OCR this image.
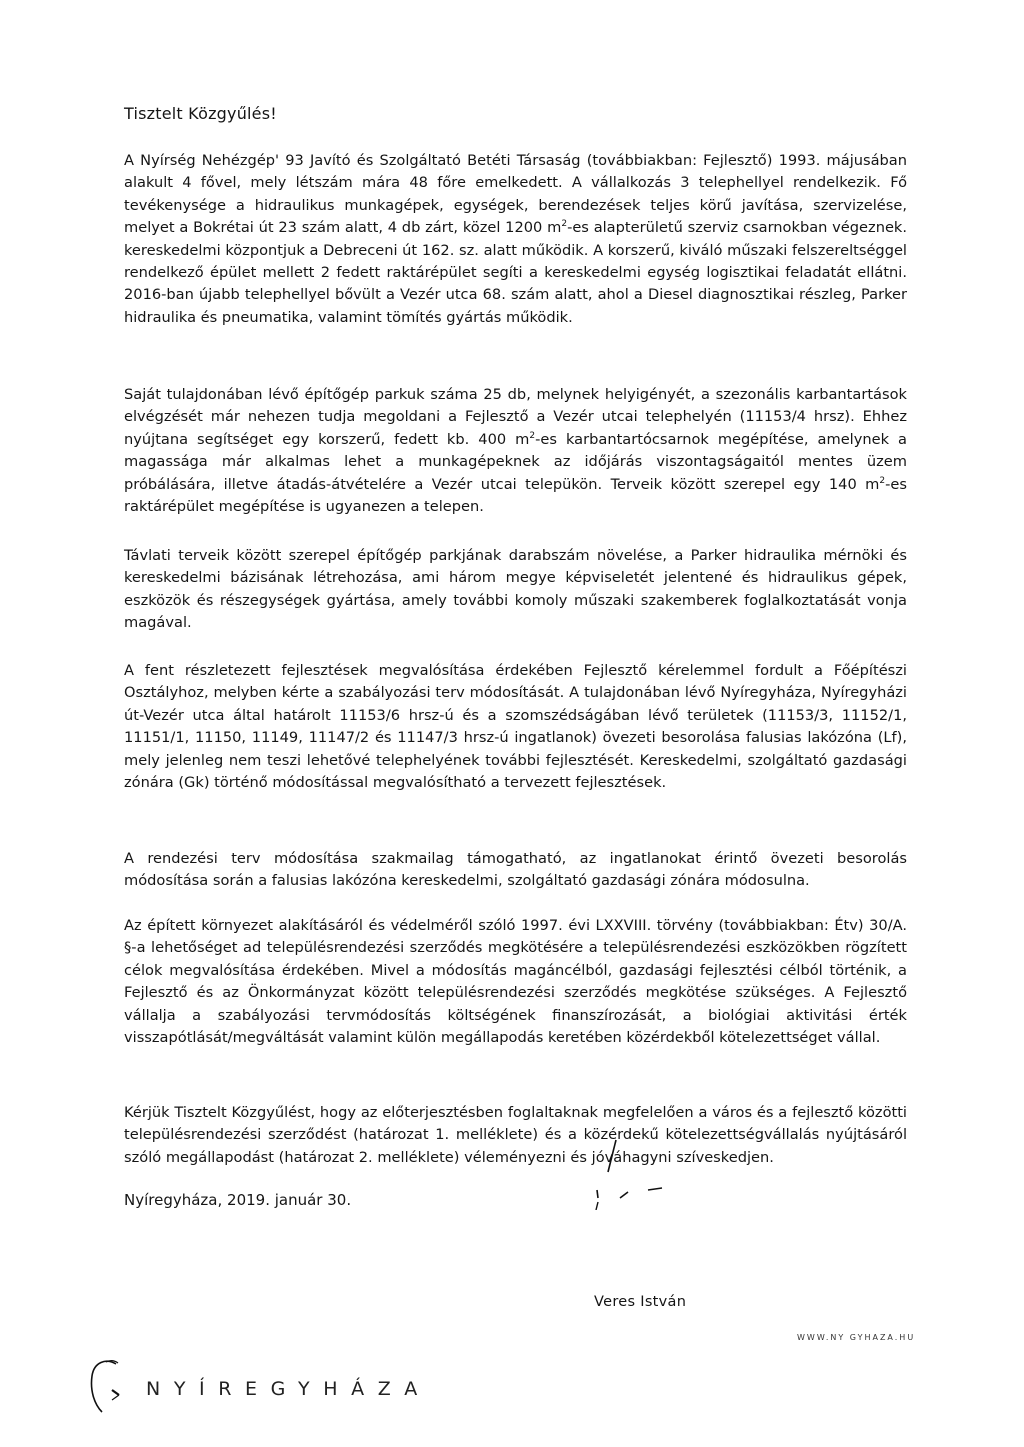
Tisztelt Közgyűlés!

A Nyírség Nehézgép' 93 Javító és Szolgáltató Betéti Társaság (továbbiakban: Fejlesztő) 1993. májusában alakult 4 fővel, mely létszám mára 48 főre emelkedett. A vállalkozás 3 telephellyel rendelkezik. Fő tevékenysége a hidraulikus munkagépek, egységek, berendezések teljes körű javítása, szervizelése, melyet a Bokrétai út 23 szám alatt, 4 db zárt, közel 1200 $m^2-es$ alapterületű szerviz csarnokban végeznek. kereskedelmi központjuk a Debreceni út 162. sz. alatt működik. A korszerű, kiváló műszaki felszereltséggel rendelkező épület mellett 2 fedett raktárépület segíti a kereskedelmi egység logisztikai feladatát ellátni. 2016-ban újabb telephellyel bővült a Vezér utca 68. szám alatt, ahol a Diesel diagnosztikai részleg, Parker hidraulika és pneumatika, valamint tömítés gyártás működik.

Saját tulajdonában lévő építőgép parkuk száma 25 db, melynek helyigényét, a szezonális karbantartások elvégzését már nehezen tudja megoldani a Fejlesztő a Vezér utcai telephelyén (11153/4 hrsz). Ehhez nyújtana segítséget egy korszerű, fedett kb. 400 $m^2-es$ karbantartócsarnok megépítése, amelynek a magassága már alkalmas lehet a munkagépeknek az időjárás viszontagságaitól mentes üzem próbálására, illetve átadás-átvételére a Vezér utcai telepükön. Terveik között szerepel egy 140 $m^2-es$ raktárépület megépítése is ugyanezen a telepen.

Távlati terveik között szerepel építőgép parkjának darabszám növelése, a Parker hidraulika mérnöki és kereskedelmi bázisának létrehozása, ami három megye képviseletét jelentené és hidraulikus gépek, eszközök és részegységek gyártása, amely további komoly műszaki szakemberek foglalkoztatását vonja magával.

A fent részletezett fejlesztések megvalósítása érdekében Fejlesztő kérelemmel fordult a Főépítészi Osztályhoz, melyben kérte a szabályozási terv módosítását. A tulajdonában lévő Nyíregyháza, Nyíregyházi út-Vezér utca által határolt 11153/6 hrsz-ú és a szomszédságában lévő területek (11153/3, 11152/1, 11151/1, 11150, 11149, 11147/2 és 11147/3 hrsz-ú ingatlanok) övezeti besorolása falusias lakózóna (Lf), mely jelenleg nem teszi lehetővé telephelyének további fejlesztését. Kereskedelmi, szolgáltató gazdasági zónára (Gk) történő módosítással megvalósítható a tervezett fejlesztések.

A rendezési terv módosítása szakmailag támogatható, az ingatlanokat érintő övezeti besorolás módosítása során a falusias lakózóna kereskedelmi, szolgáltató gazdasági zónára módosulna.

Az épített környezet alakításáról és védelméről szóló 1997. évi LXXVIII. törvény (továbbiakban: Étv) 30/A. §-a lehetőséget ad településrendezési szerződés megkötésére a településrendezési eszközökben rögzített célok megvalósítása érdekében. Mivel a módosítás magáncélból, gazdasági fejlesztési célból történik, a Fejlesztő és az Önkormányzat között településrendezési szerződés megkötése szükséges. A Fejlesztő vállalja a szabályozási tervmódosítás költségének finanszírozását, a biológiai aktivitási érték visszapótlását/megváltását valamint külön megállapodás keretében közérdekből kötelezettséget vállal.

Kérjük Tisztelt Közgyűlést, hogy az előterjesztésben foglaltaknak megfelelően a város és a fejlesztő közötti településrendezési szerződést (határozat 1. melléklete) és a közérdekű kötelezettségvállalás nyújtásáról szóló megállapodást (határozat 2. melléklete) véleményezni és jóváhagyni szíveskedjen.

Nyíregyháza, 2019. január 30.

Veres István

WWW.NY GYHAZA.HU

NYÍREGYHÁZA
